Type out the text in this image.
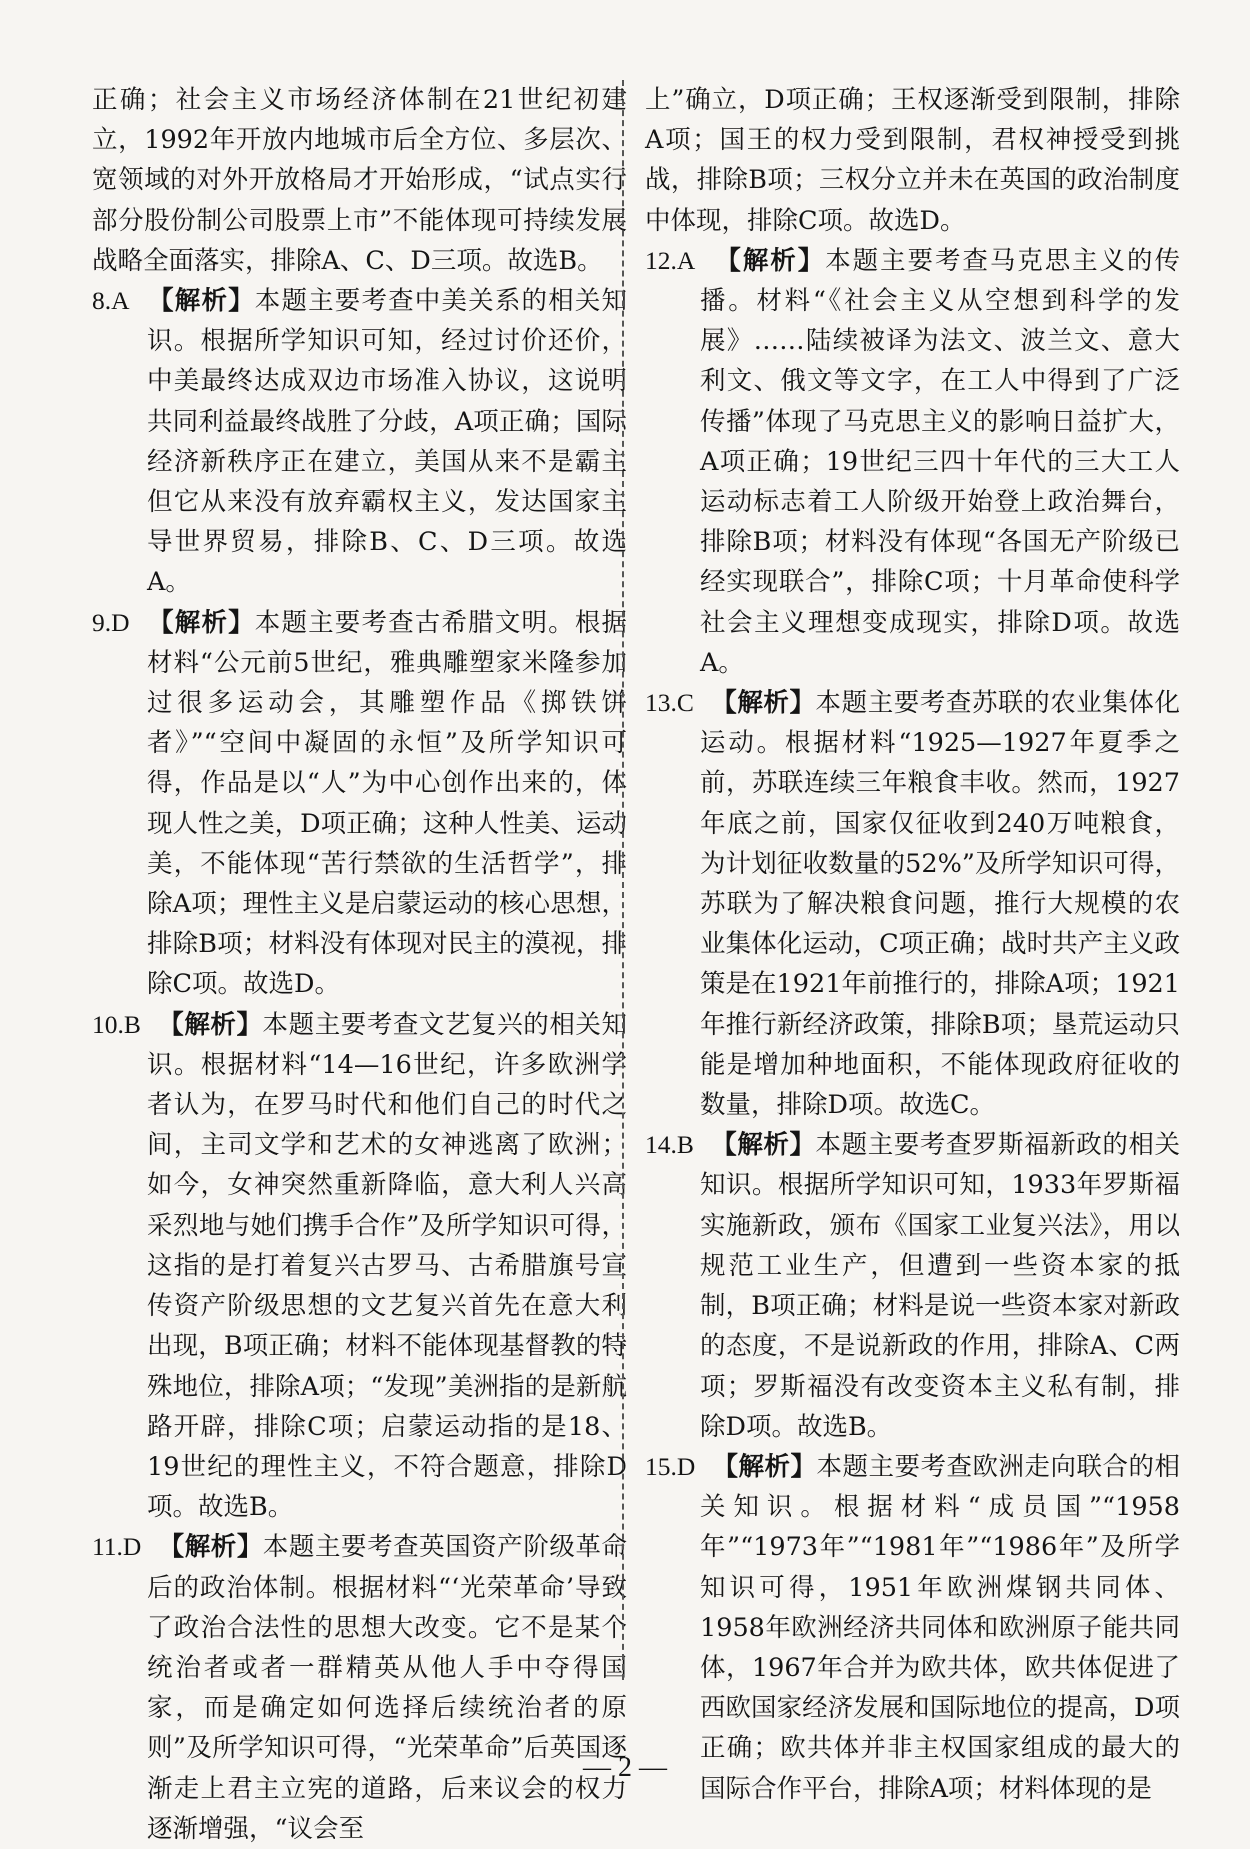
正确；社会主义市场经济体制在21世纪初建立，1992年开放内地城市后全方位、多层次、宽领域的对外开放格局才开始形成，“试点实行部分股份制公司股票上市”不能体现可持续发展战略全面落实，排除A、C、D三项。故选B。

8.A 【解析】本题主要考查中美关系的相关知识。根据所学知识可知，经过讨价还价，中美最终达成双边市场准入协议，这说明共同利益最终战胜了分歧，A项正确；国际经济新秩序正在建立，美国从来不是霸主但它从来没有放弃霸权主义，发达国家主导世界贸易，排除B、C、D三项。故选A。

9.D 【解析】本题主要考查古希腊文明。根据材料“公元前5世纪，雅典雕塑家米隆参加过很多运动会，其雕塑作品《掷铁饼者》”“空间中凝固的永恒”及所学知识可得，作品是以“人”为中心创作出来的，体现人性之美，D项正确；这种人性美、运动美，不能体现“苦行禁欲的生活哲学”，排除A项；理性主义是启蒙运动的核心思想，排除B项；材料没有体现对民主的漠视，排除C项。故选D。

10.B 【解析】本题主要考查文艺复兴的相关知识。根据材料“14—16世纪，许多欧洲学者认为，在罗马时代和他们自己的时代之间，主司文学和艺术的女神逃离了欧洲；如今，女神突然重新降临，意大利人兴高采烈地与她们携手合作”及所学知识可得，这指的是打着复兴古罗马、古希腊旗号宣传资产阶级思想的文艺复兴首先在意大利出现，B项正确；材料不能体现基督教的特殊地位，排除A项；“发现”美洲指的是新航路开辟，排除C项；启蒙运动指的是18、19世纪的理性主义，不符合题意，排除D项。故选B。

11.D 【解析】本题主要考查英国资产阶级革命后的政治体制。根据材料“‘光荣革命’导致了政治合法性的思想大改变。它不是某个统治者或者一群精英从他人手中夺得国家，而是确定如何选择后续统治者的原则”及所学知识可得，“光荣革命”后英国逐渐走上君主立宪的道路，后来议会的权力逐渐增强，“议会至

上”确立，D项正确；王权逐渐受到限制，排除A项；国王的权力受到限制，君权神授受到挑战，排除B项；三权分立并未在英国的政治制度中体现，排除C项。故选D。

12.A 【解析】本题主要考查马克思主义的传播。材料“《社会主义从空想到科学的发展》……陆续被译为法文、波兰文、意大利文、俄文等文字，在工人中得到了广泛传播”体现了马克思主义的影响日益扩大，A项正确；19世纪三四十年代的三大工人运动标志着工人阶级开始登上政治舞台，排除B项；材料没有体现“各国无产阶级已经实现联合”，排除C项；十月革命使科学社会主义理想变成现实，排除D项。故选A。

13.C 【解析】本题主要考查苏联的农业集体化运动。根据材料“1925—1927年夏季之前，苏联连续三年粮食丰收。然而，1927年底之前，国家仅征收到240万吨粮食，为计划征收数量的52%”及所学知识可得，苏联为了解决粮食问题，推行大规模的农业集体化运动，C项正确；战时共产主义政策是在1921年前推行的，排除A项；1921年推行新经济政策，排除B项；垦荒运动只能是增加种地面积，不能体现政府征收的数量，排除D项。故选C。

14.B 【解析】本题主要考查罗斯福新政的相关知识。根据所学知识可知，1933年罗斯福实施新政，颁布《国家工业复兴法》，用以规范工业生产，但遭到一些资本家的抵制，B项正确；材料是说一些资本家对新政的态度，不是说新政的作用，排除A、C两项；罗斯福没有改变资本主义私有制，排除D项。故选B。

15.D 【解析】本题主要考查欧洲走向联合的相关知识。根据材料“成员国”“1958年”“1973年”“1981年”“1986年”及所学知识可得，1951年欧洲煤钢共同体、1958年欧洲经济共同体和欧洲原子能共同体，1967年合并为欧共体，欧共体促进了西欧国家经济发展和国际地位的提高，D项正确；欧共体并非主权国家组成的最大的国际合作平台，排除A项；材料体现的是

— 2 —
